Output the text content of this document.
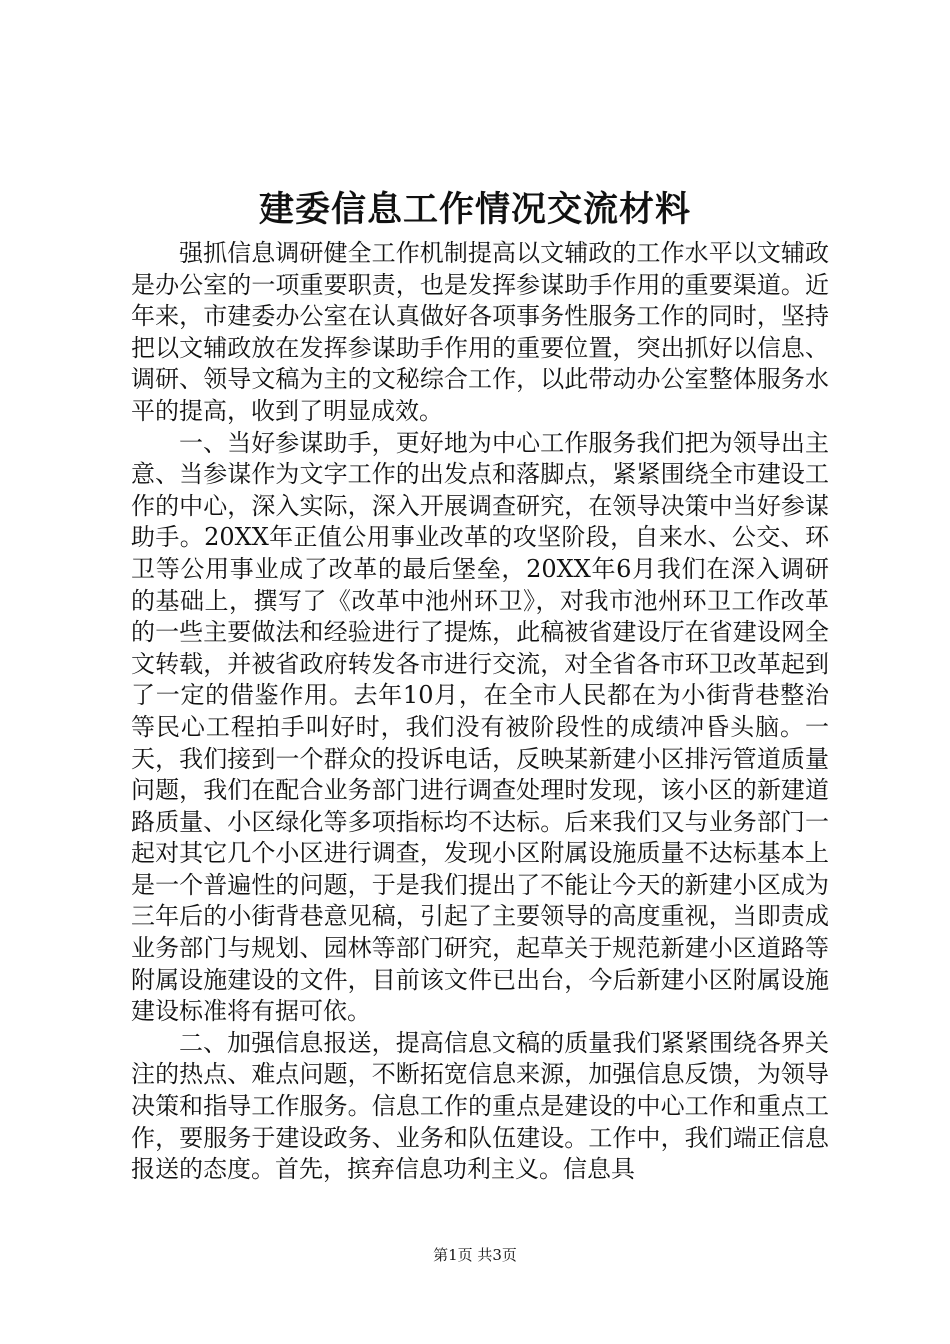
建委信息工作情况交流材料

强抓信息调研健全工作机制提高以文辅政的工作水平以文辅政是办公室的一项重要职责，也是发挥参谋助手作用的重要渠道。近年来，市建委办公室在认真做好各项事务性服务工作的同时，坚持把以文辅政放在发挥参谋助手作用的重要位置，突出抓好以信息、调研、领导文稿为主的文秘综合工作，以此带动办公室整体服务水平的提高，收到了明显成效。

一、当好参谋助手，更好地为中心工作服务我们把为领导出主意、当参谋作为文字工作的出发点和落脚点，紧紧围绕全市建设工作的中心，深入实际，深入开展调查研究，在领导决策中当好参谋助手。20XX年正值公用事业改革的攻坚阶段，自来水、公交、环卫等公用事业成了改革的最后堡垒，20XX年6月我们在深入调研的基础上，撰写了《改革中池州环卫》，对我市池州环卫工作改革的一些主要做法和经验进行了提炼，此稿被省建设厅在省建设网全文转载，并被省政府转发各市进行交流，对全省各市环卫改革起到了一定的借鉴作用。去年10月，在全市人民都在为小街背巷整治等民心工程拍手叫好时，我们没有被阶段性的成绩冲昏头脑。一天，我们接到一个群众的投诉电话，反映某新建小区排污管道质量问题，我们在配合业务部门进行调查处理时发现，该小区的新建道路质量、小区绿化等多项指标均不达标。后来我们又与业务部门一起对其它几个小区进行调查，发现小区附属设施质量不达标基本上是一个普遍性的问题，于是我们提出了不能让今天的新建小区成为三年后的小街背巷意见稿，引起了主要领导的高度重视，当即责成业务部门与规划、园林等部门研究，起草关于规范新建小区道路等附属设施建设的文件，目前该文件已出台，今后新建小区附属设施建设标准将有据可依。

二、加强信息报送，提高信息文稿的质量我们紧紧围绕各界关注的热点、难点问题，不断拓宽信息来源，加强信息反馈，为领导决策和指导工作服务。信息工作的重点是建设的中心工作和重点工作，要服务于建设政务、业务和队伍建设。工作中，我们端正信息报送的态度。首先，摈弃信息功利主义。信息具

第1页 共3页
